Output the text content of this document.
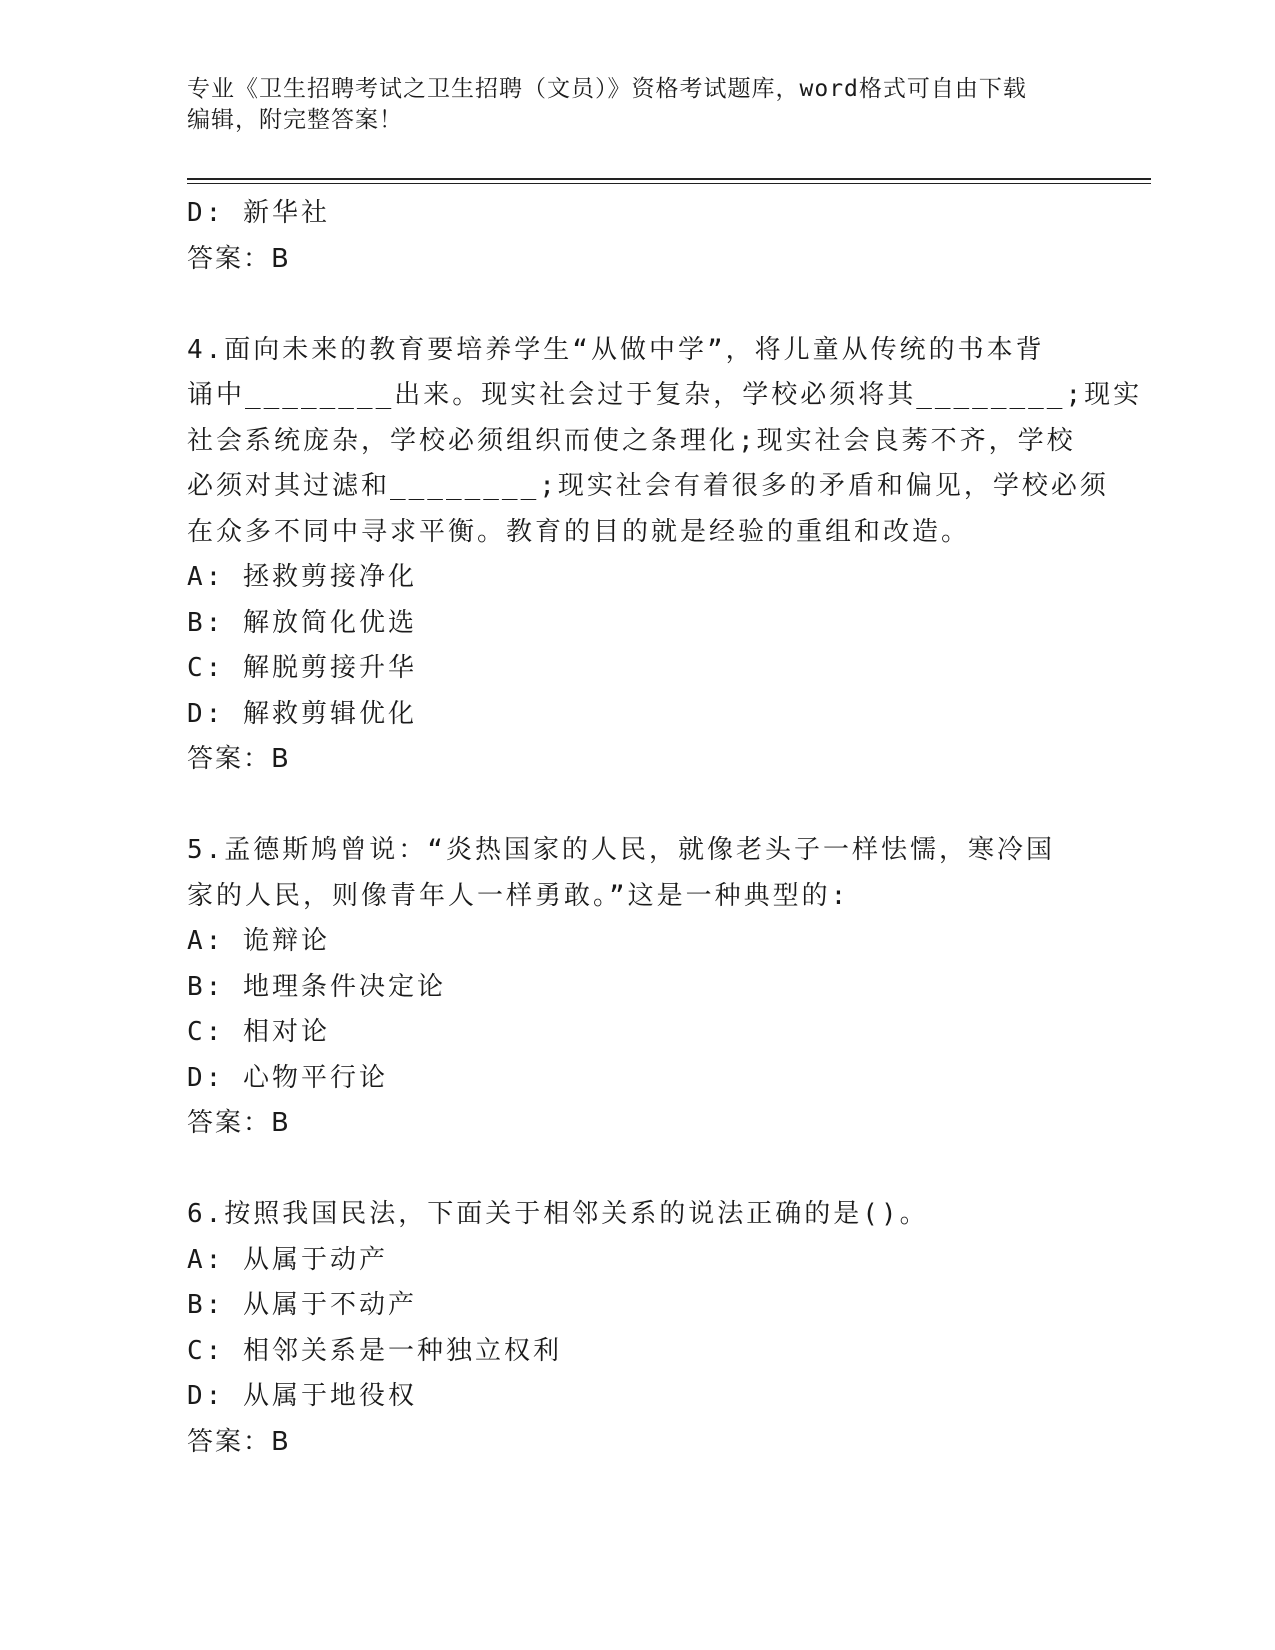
专业《卫生招聘考试之卫生招聘（文员）》资格考试题库，word格式可自由下载
编辑，附完整答案！
D: 新华社
答案：B
4.面向未来的教育要培养学生“从做中学”，将儿童从传统的书本背
诵中________出来。现实社会过于复杂，学校必须将其________;现实
社会系统庞杂，学校必须组织而使之条理化;现实社会良莠不齐，学校
必须对其过滤和________;现实社会有着很多的矛盾和偏见，学校必须
在众多不同中寻求平衡。教育的目的就是经验的重组和改造。
A: 拯救剪接净化
B: 解放简化优选
C: 解脱剪接升华
D: 解救剪辑优化
答案：B
5.孟德斯鸠曾说：“炎热国家的人民，就像老头子一样怯懦，寒冷国
家的人民，则像青年人一样勇敢。”这是一种典型的:
A: 诡辩论
B: 地理条件决定论
C: 相对论
D: 心物平行论
答案：B
6.按照我国民法，下面关于相邻关系的说法正确的是()。
A: 从属于动产
B: 从属于不动产
C: 相邻关系是一种独立权利
D: 从属于地役权
答案：B
